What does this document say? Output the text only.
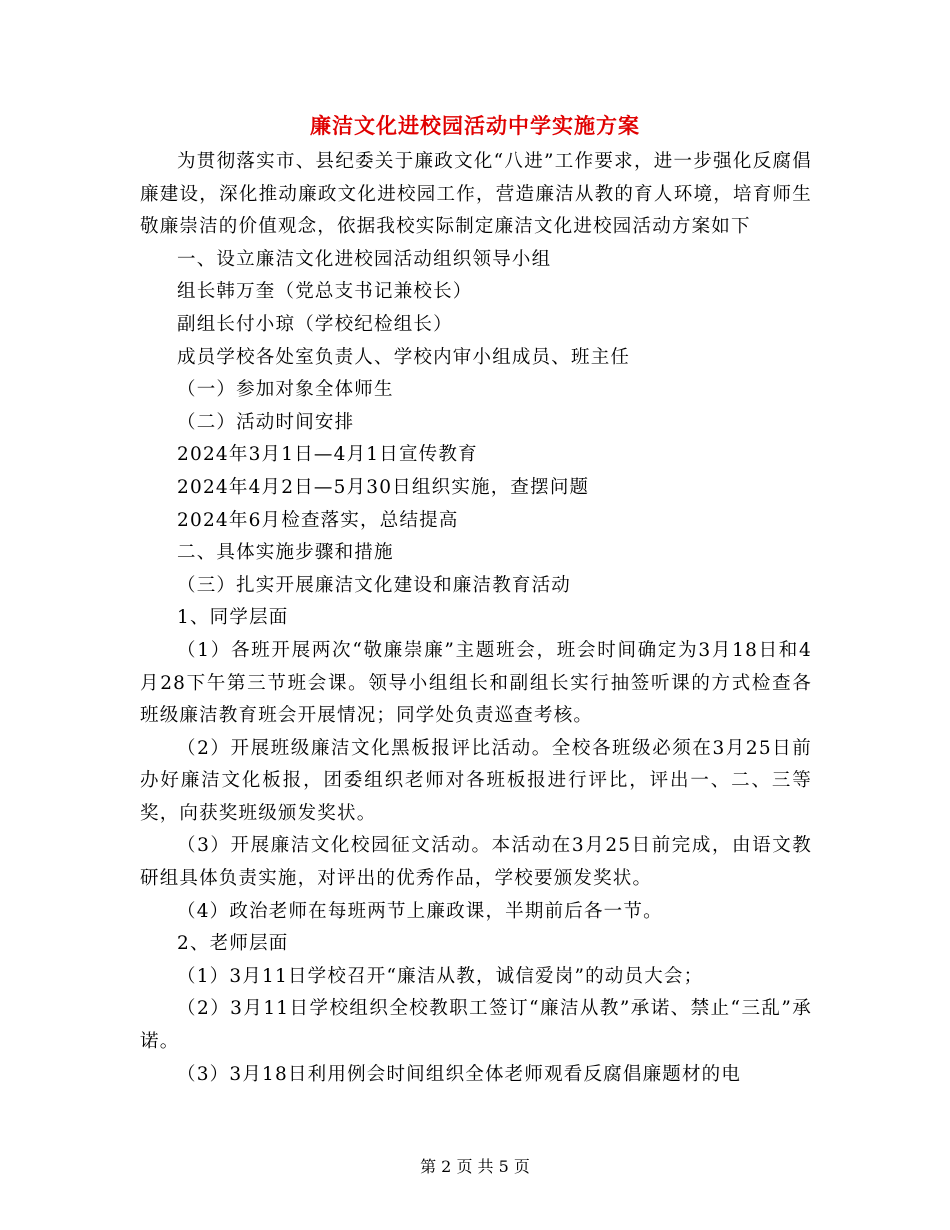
廉洁文化进校园活动中学实施方案

为贯彻落实市、县纪委关于廉政文化“八进”工作要求，进一步强化反腐倡廉建设，深化推动廉政文化进校园工作，营造廉洁从教的育人环境，培育师生敬廉崇洁的价值观念，依据我校实际制定廉洁文化进校园活动方案如下

一、设立廉洁文化进校园活动组织领导小组

组长韩万奎（党总支书记兼校长）

副组长付小琼（学校纪检组长）

成员学校各处室负责人、学校内审小组成员、班主任

（一）参加对象全体师生

（二）活动时间安排

2024年3月1日—4月1日宣传教育

2024年4月2日—5月30日组织实施，查摆问题

2024年6月检查落实，总结提高

二、具体实施步骤和措施

（三）扎实开展廉洁文化建设和廉洁教育活动

1、同学层面

（1）各班开展两次“敬廉崇廉”主题班会，班会时间确定为3月18日和4月28下午第三节班会课。领导小组组长和副组长实行抽签听课的方式检查各班级廉洁教育班会开展情况；同学处负责巡查考核。

（2）开展班级廉洁文化黑板报评比活动。全校各班级必须在3月25日前办好廉洁文化板报，团委组织老师对各班板报进行评比，评出一、二、三等奖，向获奖班级颁发奖状。

（3）开展廉洁文化校园征文活动。本活动在3月25日前完成，由语文教研组具体负责实施，对评出的优秀作品，学校要颁发奖状。

（4）政治老师在每班两节上廉政课，半期前后各一节。

2、老师层面

（1）3月11日学校召开“廉洁从教，诚信爱岗”的动员大会；

（2）3月11日学校组织全校教职工签订“廉洁从教”承诺、禁止“三乱”承诺。

（3）3月18日利用例会时间组织全体老师观看反腐倡廉题材的电

第 2 页 共 5 页
